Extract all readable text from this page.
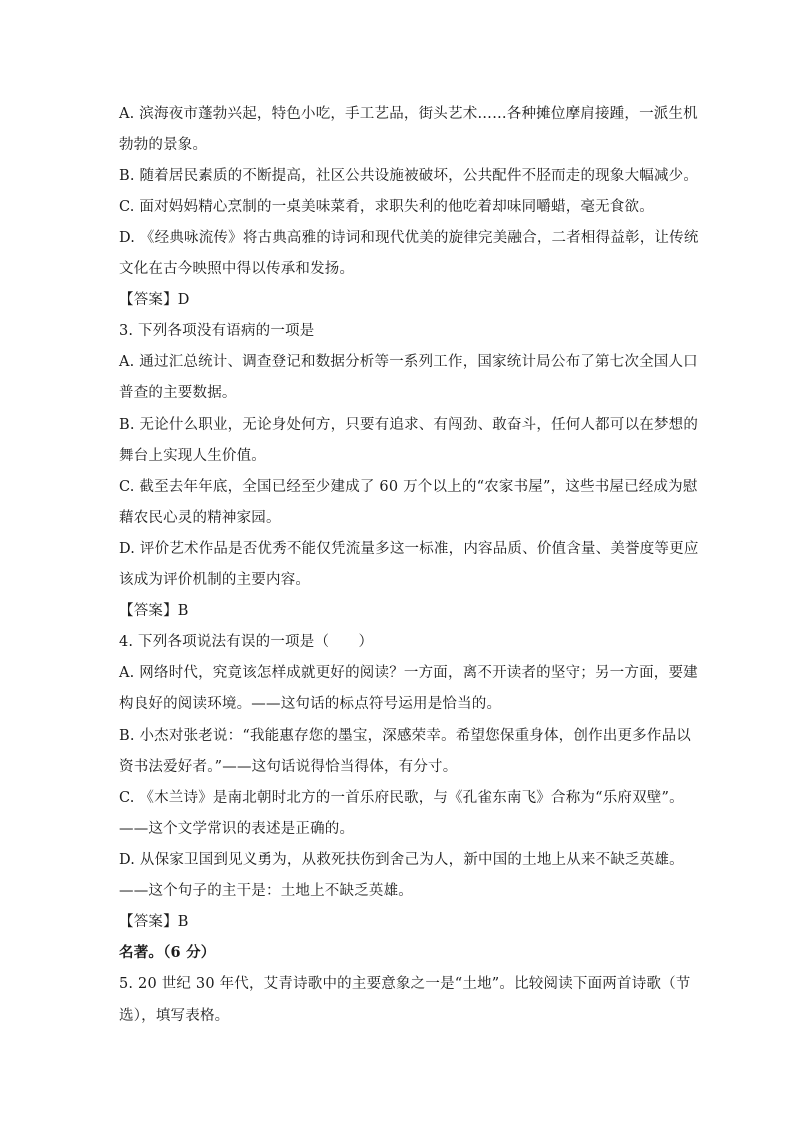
A. 滨海夜市蓬勃兴起，特色小吃，手工艺品，街头艺术……各种摊位摩肩接踵，一派生机
勃勃的景象。
B. 随着居民素质的不断提高，社区公共设施被破坏，公共配件不胫而走的现象大幅减少。
C. 面对妈妈精心烹制的一桌美味菜肴，求职失利的他吃着却味同嚼蜡，毫无食欲。
D. 《经典咏流传》将古典高雅的诗词和现代优美的旋律完美融合，二者相得益彰，让传统
文化在古今映照中得以传承和发扬。
【答案】D
3. 下列各项没有语病的一项是
A. 通过汇总统计、调查登记和数据分析等一系列工作，国家统计局公布了第七次全国人口
普查的主要数据。
B. 无论什么职业，无论身处何方，只要有追求、有闯劲、敢奋斗，任何人都可以在梦想的
舞台上实现人生价值。
C. 截至去年年底，全国已经至少建成了 60 万个以上的“农家书屋”，这些书屋已经成为慰
藉农民心灵的精神家园。
D. 评价艺术作品是否优秀不能仅凭流量多这一标准，内容品质、价值含量、美誉度等更应
该成为评价机制的主要内容。
【答案】B
4. 下列各项说法有误的一项是（　　）
A. 网络时代，究竟该怎样成就更好的阅读？一方面，离不开读者的坚守；另一方面，要建
构良好的阅读环境。——这句话的标点符号运用是恰当的。
B. 小杰对张老说：“我能惠存您的墨宝，深感荣幸。希望您保重身体，创作出更多作品以
资书法爱好者。”——这句话说得恰当得体，有分寸。
C. 《木兰诗》是南北朝时北方的一首乐府民歌，与《孔雀东南飞》合称为“乐府双壁”。
——这个文学常识的表述是正确的。
D. 从保家卫国到见义勇为，从救死扶伤到舍己为人，新中国的土地上从来不缺乏英雄。
——这个句子的主干是：土地上不缺乏英雄。
【答案】B
名著。（6 分）
5. 20 世纪 30 年代，艾青诗歌中的主要意象之一是“土地”。比较阅读下面两首诗歌（节
选），填写表格。
